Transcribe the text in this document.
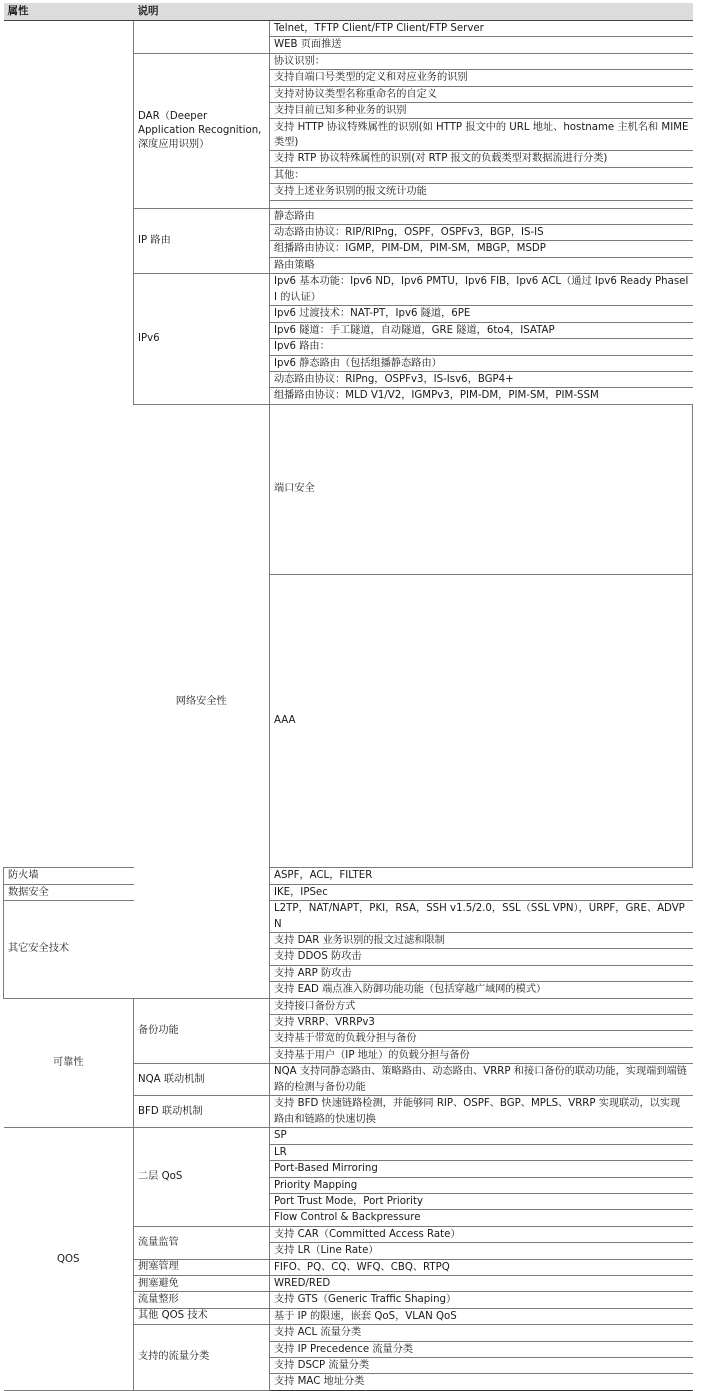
属性	说明		
		Telnet，TFTP Client/FTP Client/FTP Server	
		WEB 页面推送	
	DAR（Deeper Application Recognition,深度应用识别）	协议识别：	
		支持自端口号类型的定义和对应业务的识别	
		支持对协议类型名称重命名的自定义	
		支持目前已知多种业务的识别	
		支持 HTTP 协议特殊属性的识别(如 HTTP 报文中的 URL 地址、hostname 主机名和 MIME 类型)	
		支持 RTP 协议特殊属性的识别(对 RTP 报文的负载类型对数据流进行分类)	
		其他：	
		支持上述业务识别的报文统计功能	

	IP 路由	静态路由	
		动态路由协议：RIP/RIPng，OSPF，OSPFv3，BGP，IS-IS	
		组播路由协议：IGMP，PIM-DM，PIM-SM，MBGP，MSDP	
		路由策略	
	IPv6	Ipv6 基本功能：Ipv6 ND，Ipv6 PMTU，Ipv6 FIB，Ipv6 ACL（通过 Ipv6 Ready PhaseII 的认证）	
		Ipv6 过渡技术：NAT-PT，Ipv6 隧道，6PE	
		Ipv6 隧道：手工隧道，自动隧道，GRE 隧道，6to4，ISATAP	
		Ipv6 路由：	
		Ipv6 静态路由（包括组播静态路由）	
		动态路由协议：RIPng，OSPFv3，IS-Isv6，BGP4+	
		组播路由协议：MLD V1/V2，IGMPv3，PIM-DM，PIM-SM，PIM-SSM	
	网络安全性	端口安全	
		AAA	
防火墙		ASPF，ACL，FILTER	
数据安全		IKE，IPSec	
其它安全技术		L2TP，NAT/NAPT，PKI，RSA，SSH v1.5/2.0，SSL（SSL VPN），URPF，GRE、ADVPN	
		支持 DAR 业务识别的报文过滤和限制	
		支持 DDOS 防攻击	
		支持 ARP 防攻击	
		支持 EAD 端点准入防御功能功能（包括穿越广域网的模式）	
可靠性	备份功能	支持接口备份方式	
		支持 VRRP、VRRPv3	
		支持基于带宽的负载分担与备份	
		支持基于用户（IP 地址）的负载分担与备份	
	NQA 联动机制	NQA 支持同静态路由、策略路由、动态路由、VRRP 和接口备份的联动功能，实现端到端链路的检测与备份功能	
	BFD 联动机制	支持 BFD 快速链路检测，并能够同 RIP、OSPF、BGP、MPLS、VRRP 实现联动，以实现路由和链路的快速切换	
QOS	二层 QoS	SP	
		LR	
		Port-Based Mirroring	
		Priority Mapping	
		Port Trust Mode，Port Priority	
		Flow Control & Backpressure	
	流量监管	支持 CAR（Committed Access Rate）	
		支持 LR（Line Rate）	
	拥塞管理	FIFO、PQ、CQ、WFQ、CBQ、RTPQ	
	拥塞避免	WRED/RED	
	流量整形	支持 GTS（Generic Traffic Shaping）	
	其他 QOS 技术	基于 IP 的限速，嵌套 QoS，VLAN QoS	
	支持的流量分类	支持 ACL 流量分类	
		支持 IP Precedence 流量分类	
		支持 DSCP 流量分类	
		支持 MAC 地址分类	
